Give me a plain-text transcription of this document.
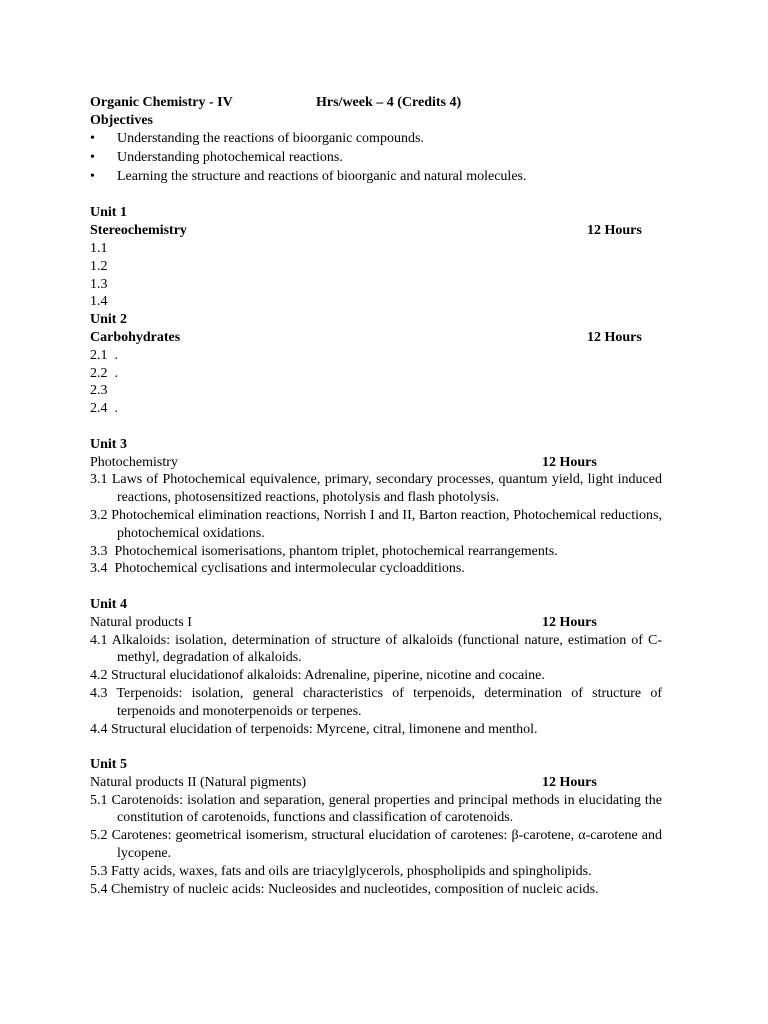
Organic Chemistry - IV	Hrs/week – 4 (Credits 4)
Objectives
• Understanding the reactions of bioorganic compounds.
• Understanding photochemical reactions.
• Learning the structure and reactions of bioorganic and natural molecules.
Unit 1
Stereochemistry	12 Hours
1.1
1.2
1.3
1.4
Unit 2
Carbohydrates	12 Hours
2.1  .
2.2  .
2.3
2.4  .
Unit 3
Photochemistry	12 Hours
3.1 Laws of Photochemical equivalence, primary, secondary processes, quantum yield, light induced reactions, photosensitized reactions, photolysis and flash photolysis.
3.2 Photochemical elimination reactions, Norrish I and II, Barton reaction, Photochemical reductions, photochemical oxidations.
3.3  Photochemical isomerisations, phantom triplet, photochemical rearrangements.
3.4  Photochemical cyclisations and intermolecular cycloadditions.
Unit 4
Natural products I	12 Hours
4.1 Alkaloids: isolation, determination of structure of alkaloids (functional nature, estimation of C-methyl, degradation of alkaloids.
4.2 Structural elucidationof alkaloids: Adrenaline, piperine, nicotine and cocaine.
4.3 Terpenoids: isolation, general characteristics of terpenoids, determination of structure of terpenoids and monoterpenoids or terpenes.
4.4 Structural elucidation of terpenoids: Myrcene, citral, limonene and menthol.
Unit 5
Natural products II (Natural pigments)	12 Hours
5.1 Carotenoids: isolation and separation, general properties and principal methods in elucidating the constitution of carotenoids, functions and classification of carotenoids.
5.2 Carotenes: geometrical isomerism, structural elucidation of carotenes: β-carotene, α-carotene and lycopene.
5.3 Fatty acids, waxes, fats and oils are triacylglycerols, phospholipids and spingholipids.
5.4 Chemistry of nucleic acids: Nucleosides and nucleotides, composition of nucleic acids.
